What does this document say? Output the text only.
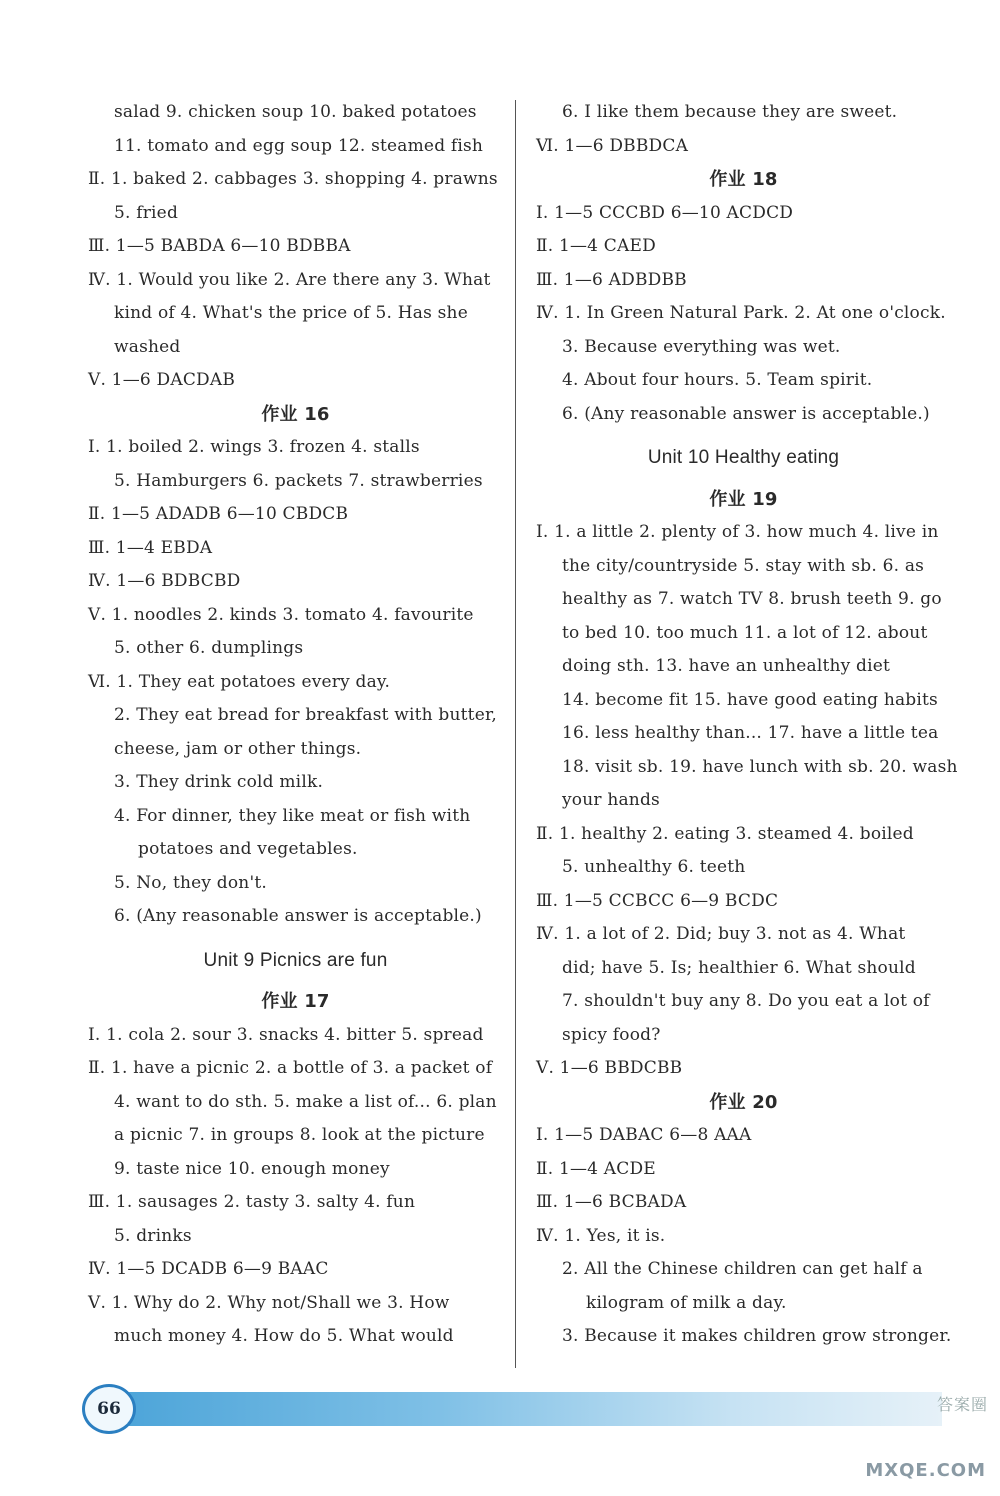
salad 9. chicken soup 10. baked potatoes
11. tomato and egg soup 12. steamed fish
Ⅱ. 1. baked 2. cabbages 3. shopping 4. prawns
5. fried
Ⅲ. 1—5 BABDA 6—10 BDBBA
Ⅳ. 1. Would you like 2. Are there any 3. What
kind of 4. What's the price of 5. Has she
washed
Ⅴ. 1—6 DACDAB
作业 16
Ⅰ. 1. boiled 2. wings 3. frozen 4. stalls
5. Hamburgers 6. packets 7. strawberries
Ⅱ. 1—5 ADADB 6—10 CBDCB
Ⅲ. 1—4 EBDA
Ⅳ. 1—6 BDBCBD
Ⅴ. 1. noodles 2. kinds 3. tomato 4. favourite
5. other 6. dumplings
Ⅵ. 1. They eat potatoes every day.
2. They eat bread for breakfast with butter,
cheese, jam or other things.
3. They drink cold milk.
4. For dinner, they like meat or fish with
potatoes and vegetables.
5. No, they don't.
6. (Any reasonable answer is acceptable.)
Unit 9 Picnics are fun
作业 17
Ⅰ. 1. cola 2. sour 3. snacks 4. bitter 5. spread
Ⅱ. 1. have a picnic 2. a bottle of 3. a packet of
4. want to do sth. 5. make a list of... 6. plan
a picnic 7. in groups 8. look at the picture
9. taste nice 10. enough money
Ⅲ. 1. sausages 2. tasty 3. salty 4. fun
5. drinks
Ⅳ. 1—5 DCADB 6—9 BAAC
Ⅴ. 1. Why do 2. Why not/Shall we 3. How
much money 4. How do 5. What would
6. I like them because they are sweet.
Ⅵ. 1—6 DBBDCA
作业 18
Ⅰ. 1—5 CCCBD 6—10 ACDCD
Ⅱ. 1—4 CAED
Ⅲ. 1—6 ADBDBB
Ⅳ. 1. In Green Natural Park. 2. At one o'clock.
3. Because everything was wet.
4. About four hours. 5. Team spirit.
6. (Any reasonable answer is acceptable.)
Unit 10 Healthy eating
作业 19
Ⅰ. 1. a little 2. plenty of 3. how much 4. live in
the city/countryside 5. stay with sb. 6. as
healthy as 7. watch TV 8. brush teeth 9. go
to bed 10. too much 11. a lot of 12. about
doing sth. 13. have an unhealthy diet
14. become fit 15. have good eating habits
16. less healthy than... 17. have a little tea
18. visit sb. 19. have lunch with sb. 20. wash
your hands
Ⅱ. 1. healthy 2. eating 3. steamed 4. boiled
5. unhealthy 6. teeth
Ⅲ. 1—5 CCBCC 6—9 BCDC
Ⅳ. 1. a lot of 2. Did; buy 3. not as 4. What
did; have 5. Is; healthier 6. What should
7. shouldn't buy any 8. Do you eat a lot of
spicy food?
Ⅴ. 1—6 BBDCBB
作业 20
Ⅰ. 1—5 DABAC 6—8 AAA
Ⅱ. 1—4 ACDE
Ⅲ. 1—6 BCBADA
Ⅳ. 1. Yes, it is.
2. All the Chinese children can get half a
kilogram of milk a day.
3. Because it makes children grow stronger.
66	答案圈
MXQE.COM
